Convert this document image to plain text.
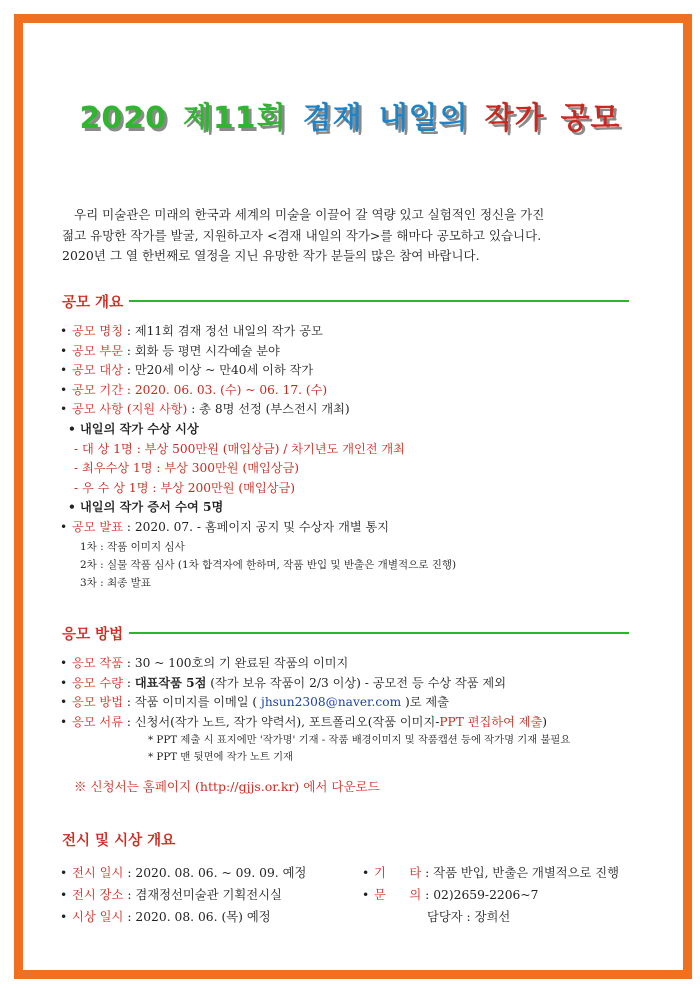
2020 제11회 겸재 내일의 작가 공모

우리 미술관은 미래의 한국과 세계의 미술을 이끌어 갈 역량 있고 실험적인 정신을 가진

젊고 유망한 작가를 발굴, 지원하고자 <겸재 내일의 작가>를 해마다 공모하고 있습니다.

2020년 그 열 한번째로 열정을 지닌 유망한 작가 분들의 많은 참여 바랍니다.

공모 개요
• 공모 명칭 : 제11회 겸재 정선 내일의 작가 공모
• 공모 부문 : 회화 등 평면 시각예술 분야
• 공모 대상 : 만20세 이상 ~ 만40세 이하 작가
• 공모 기간 : 2020. 06. 03. (수) ~ 06. 17. (수)
• 공모 사항 (지원 사항) : 총 8명 선정 (부스전시 개최)
• 내일의 작가 수상 시상
- 대 상 1명 : 부상 500만원 (매입상금) / 차기년도 개인전 개최
- 최우수상 1명 : 부상 300만원 (매입상금)
- 우 수 상 1명 : 부상 200만원 (매입상금)
• 내일의 작가 증서 수여 5명
• 공모 발표 : 2020. 07. - 홈페이지 공지 및 수상자 개별 통지
1차 : 작품 이미지 심사
2차 : 실물 작품 심사 (1차 합격자에 한하며, 작품 반입 및 반출은 개별적으로 진행)
3차 : 최종 발표
응모 방법
• 응모 작품 : 30 ~ 100호의 기 완료된 작품의 이미지
• 응모 수량 : 대표작품 5점 (작가 보유 작품이 2/3 이상) - 공모전 등 수상 작품 제외
• 응모 방법 : 작품 이미지를 이메일 ( jhsun2308@naver.com )로 제출
• 응모 서류 : 신청서(작가 노트, 작가 약력서), 포트폴리오(작품 이미지-PPT 편집하여 제출)
* PPT 제출 시 표지에만 '작가명' 기재 - 작품 배경이미지 및 작품캡션 등에 작가명 기재 불필요
* PPT 맨 뒷면에 작가 노트 기재
※ 신청서는 홈페이지 (http://gjjs.or.kr) 에서 다운로드
전시 및 시상 개요
• 전시 일시 : 2020. 08. 06. ~ 09. 09. 예정
• 전시 장소 : 겸재정선미술관 기획전시실
• 시상 일시 : 2020. 08. 06. (목) 예정
• 기      타 : 작품 반입, 반출은 개별적으로 진행
• 문      의 : 02)2659-2206~7
담당자 : 장희선
